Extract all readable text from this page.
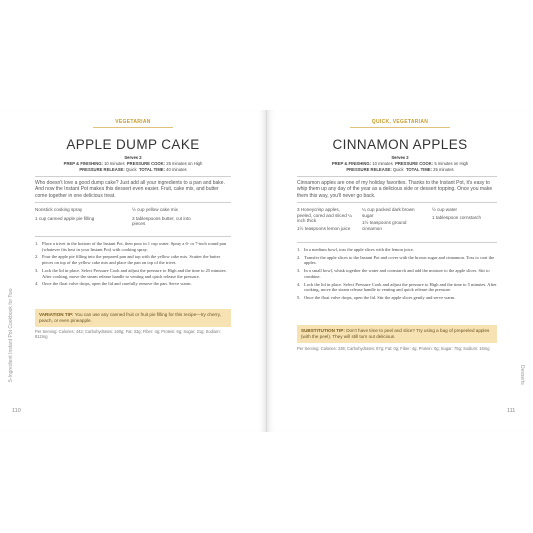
VEGETARIAN
APPLE DUMP CAKE
Serves 2
PREP & FINISHING: 10 minutes PRESSURE COOK: 25 minutes on High
PRESSURE RELEASE: Quick TOTAL TIME: 40 minutes
Who doesn't love a good dump cake? Just add all your ingredients to a pan and bake. And now the Instant Pot makes this dessert even easier. Fruit, cake mix, and butter come together in one delicious treat.
Nonstick cooking spray
1 cup canned apple pie filling
½ cup yellow cake mix
3 tablespoons butter, cut into pieces
1. Place a trivet in the bottom of the Instant Pot, then pour in 1 cup water. Spray a 6- or 7-inch round pan (whatever fits best in your Instant Pot) with cooking spray.
2. Pour the apple pie filling into the prepared pan and top with the yellow cake mix. Scatter the butter pieces on top of the yellow cake mix and place the pan on top of the trivet.
3. Lock the lid in place. Select Pressure Cook and adjust the pressure to High and the time to 25 minutes. After cooking, move the steam release handle to venting and quick release the pressure.
4. Once the float valve drops, open the lid and carefully remove the pan. Serve warm.
VARIATION TIP: You can use any canned fruit or fruit pie filling for this recipe—try cherry, peach, or even pineapple.
Per Serving: Calories: 442; Carbohydrates: 160g; Fat: 33g; Fiber: 4g; Protein: 6g; Sugar: 21g; Sodium: 812mg
5-Ingredient Instant Pot Cookbook for Two
110
QUICK, VEGETARIAN
CINNAMON APPLES
Serves 2
PREP & FINISHING: 10 minutes PRESSURE COOK: 5 minutes on High
PRESSURE RELEASE: Quick TOTAL TIME: 25 minutes
Cinnamon apples are one of my holiday favorites. Thanks to the Instant Pot, it's easy to whip them up any day of the year as a delicious side or dessert topping. Once you make them this way, you'll never go back.
3 Honeycrisp apples, peeled, cored and sliced ¼ inch thick
1½ teaspoons lemon juice
¼ cup packed dark brown sugar
1½ teaspoons ground cinnamon
½ cup water
1 tablespoon cornstarch
1. In a medium bowl, toss the apple slices with the lemon juice.
2. Transfer the apple slices to the Instant Pot and cover with the brown sugar and cinnamon. Toss to coat the apples.
3. In a small bowl, whisk together the water and cornstarch and add the mixture to the apple slices. Stir to combine.
4. Lock the lid in place. Select Pressure Cook and adjust the pressure to High and the time to 5 minutes. After cooking, move the steam release handle to venting and quick release the pressure.
5. Once the float valve drops, open the lid. Stir the apple slices gently and serve warm.
SUBSTITUTION TIP: Don't have time to peel and slice? Try using a bag of prepeeled apples (with the peel). They will still turn out delicious.
Per Serving: Calories: 236; Carbohydrates: 87g; Fat: 0g; Fiber: 4g; Protein: 0g; Sugar: 75g; Sodium: 16mg
Desserts
111
